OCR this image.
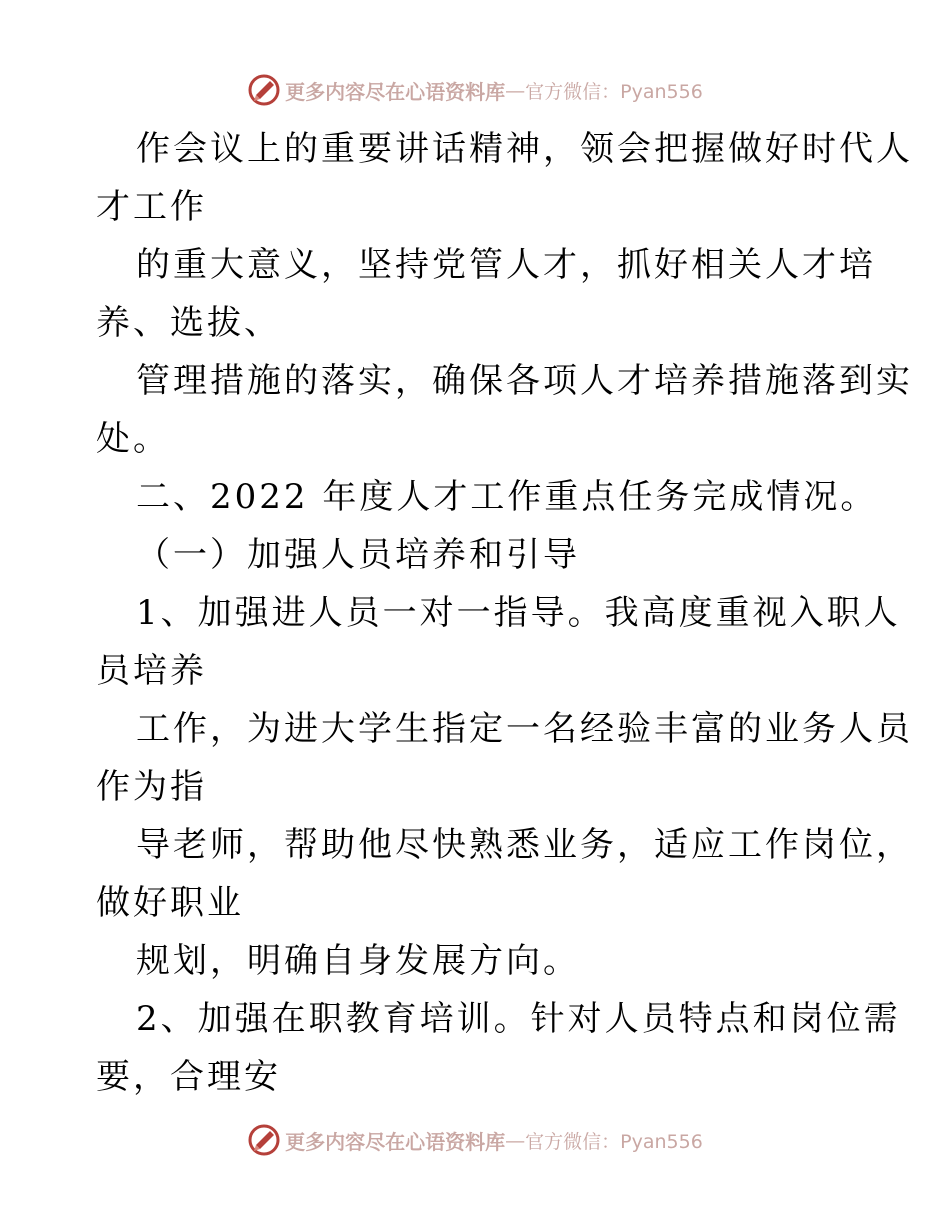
更多内容尽在心语资料库 — 官方微信：Pyan556
作会议上的重要讲话精神，领会把握做好时代人
才工作
的重大意义，坚持党管人才，抓好相关人才培
养、选拔、
管理措施的落实，确保各项人才培养措施落到实
处。
二、2022 年度人才工作重点任务完成情况。
（一）加强人员培养和引导
1、加强进人员一对一指导。我高度重视入职人
员培养
工作，为进大学生指定一名经验丰富的业务人员
作为指
导老师，帮助他尽快熟悉业务，适应工作岗位，
做好职业
规划，明确自身发展方向。
2、加强在职教育培训。针对人员特点和岗位需
要，合理安
更多内容尽在心语资料库 — 官方微信：Pyan556
